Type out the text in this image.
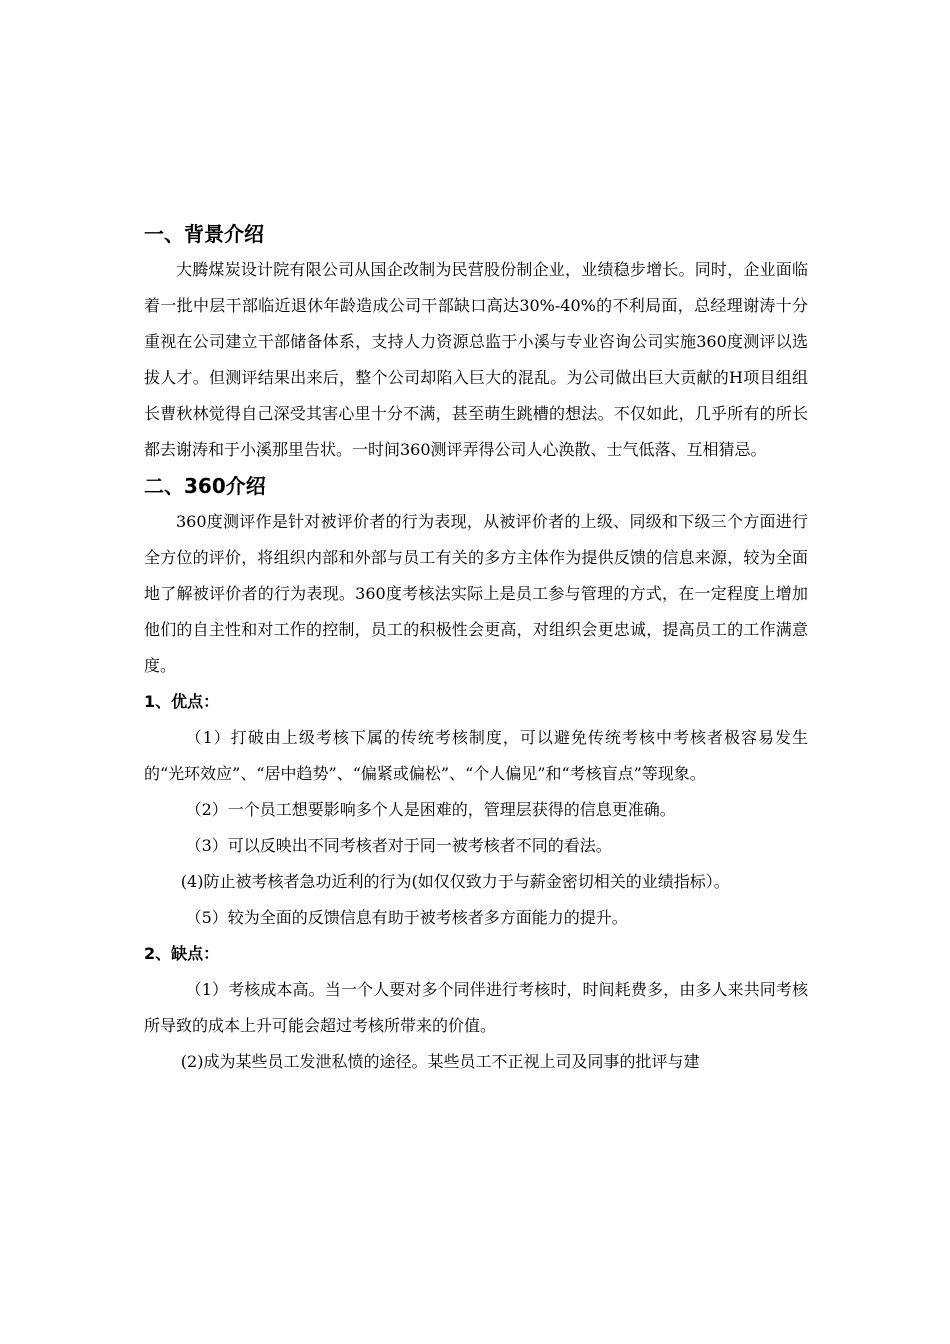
一、背景介绍

大腾煤炭设计院有限公司从国企改制为民营股份制企业，业绩稳步增长。同时，企业面临着一批中层干部临近退休年龄造成公司干部缺口高达30%-40%的不利局面，总经理谢涛十分重视在公司建立干部储备体系，支持人力资源总监于小溪与专业咨询公司实施360度测评以选拔人才。但测评结果出来后，整个公司却陷入巨大的混乱。为公司做出巨大贡献的H项目组组长曹秋林觉得自己深受其害心里十分不满，甚至萌生跳槽的想法。不仅如此，几乎所有的所长都去谢涛和于小溪那里告状。一时间360测评弄得公司人心涣散、士气低落、互相猜忌。

二、360介绍

360度测评作是针对被评价者的行为表现，从被评价者的上级、同级和下级三个方面进行全方位的评价，将组织内部和外部与员工有关的多方主体作为提供反馈的信息来源，较为全面地了解被评价者的行为表现。360度考核法实际上是员工参与管理的方式，在一定程度上增加他们的自主性和对工作的控制，员工的积极性会更高，对组织会更忠诚，提高员工的工作满意度。

1、优点：

（1）打破由上级考核下属的传统考核制度，可以避免传统考核中考核者极容易发生的“光环效应”、“居中趋势”、“偏紧或偏松”、“个人偏见”和“考核盲点”等现象。

（2）一个员工想要影响多个人是困难的，管理层获得的信息更准确。

（3）可以反映出不同考核者对于同一被考核者不同的看法。

(4)防止被考核者急功近利的行为(如仅仅致力于与薪金密切相关的业绩指标）。

（5）较为全面的反馈信息有助于被考核者多方面能力的提升。

2、缺点：

（1）考核成本高。当一个人要对多个同伴进行考核时，时间耗费多，由多人来共同考核所导致的成本上升可能会超过考核所带来的价值。

(2)成为某些员工发泄私愤的途径。某些员工不正视上司及同事的批评与建
